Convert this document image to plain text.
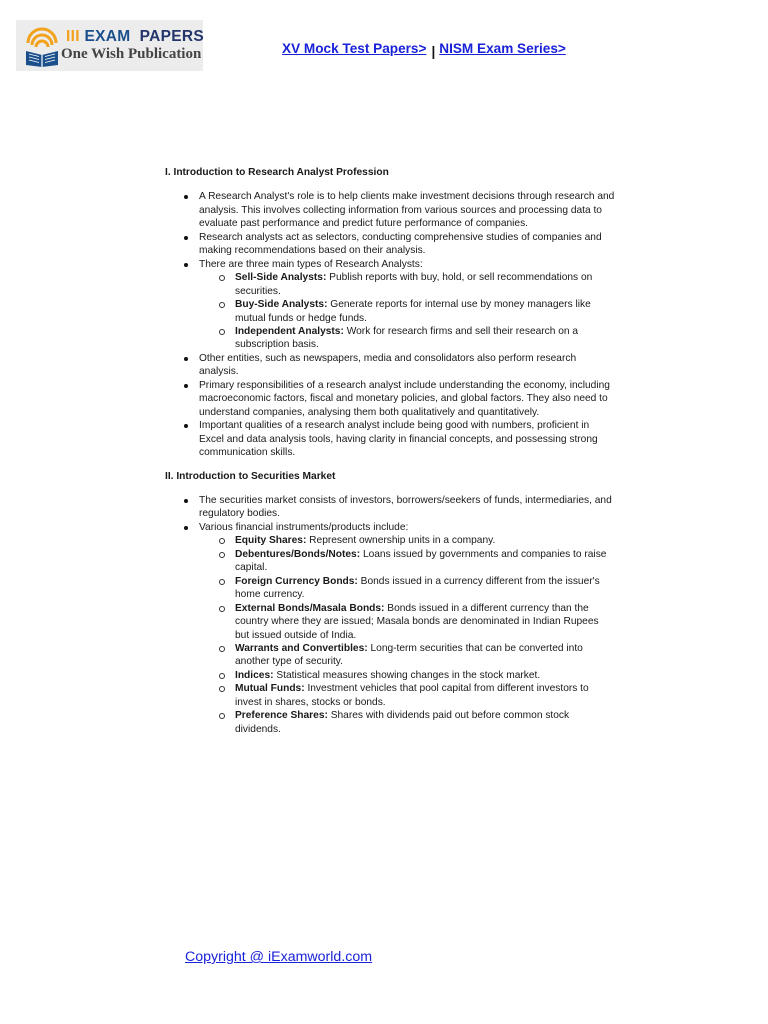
III EXAM PAPERS
One Wish Publication	XV Mock Test Papers> | NISM Exam Series>
I. Introduction to Research Analyst Profession
A Research Analyst's role is to help clients make investment decisions through research and analysis. This involves collecting information from various sources and processing data to evaluate past performance and predict future performance of companies.
Research analysts act as selectors, conducting comprehensive studies of companies and making recommendations based on their analysis.
There are three main types of Research Analysts:
Sell-Side Analysts: Publish reports with buy, hold, or sell recommendations on securities.
Buy-Side Analysts: Generate reports for internal use by money managers like mutual funds or hedge funds.
Independent Analysts: Work for research firms and sell their research on a subscription basis.
Other entities, such as newspapers, media and consolidators also perform research analysis.
Primary responsibilities of a research analyst include understanding the economy, including macroeconomic factors, fiscal and monetary policies, and global factors. They also need to understand companies, analysing them both qualitatively and quantitatively.
Important qualities of a research analyst include being good with numbers, proficient in Excel and data analysis tools, having clarity in financial concepts, and possessing strong communication skills.
II. Introduction to Securities Market
The securities market consists of investors, borrowers/seekers of funds, intermediaries, and regulatory bodies.
Various financial instruments/products include:
Equity Shares: Represent ownership units in a company.
Debentures/Bonds/Notes: Loans issued by governments and companies to raise capital.
Foreign Currency Bonds: Bonds issued in a currency different from the issuer's home currency.
External Bonds/Masala Bonds: Bonds issued in a different currency than the country where they are issued; Masala bonds are denominated in Indian Rupees but issued outside of India.
Warrants and Convertibles: Long-term securities that can be converted into another type of security.
Indices: Statistical measures showing changes in the stock market.
Mutual Funds: Investment vehicles that pool capital from different investors to invest in shares, stocks or bonds.
Preference Shares: Shares with dividends paid out before common stock dividends.
Copyright @ iExamworld.com
